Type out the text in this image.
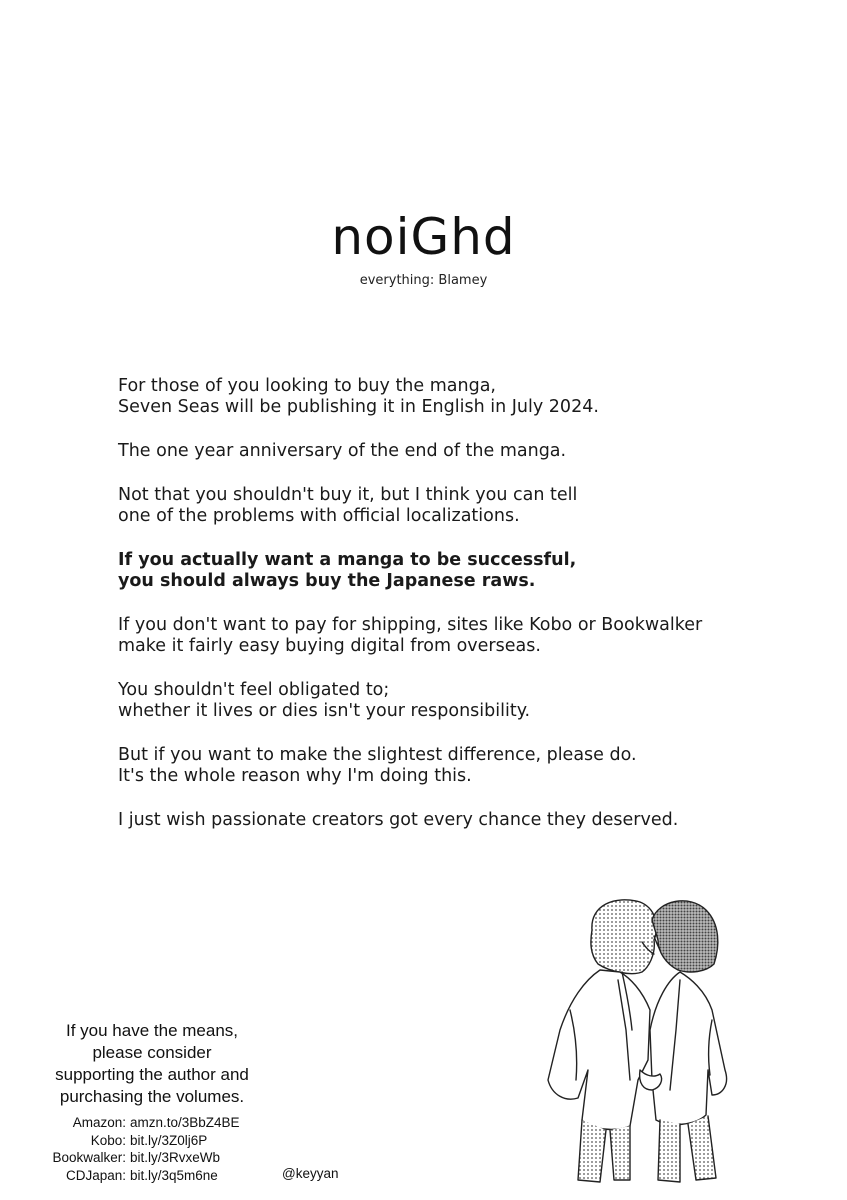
noiGhd
everything: Blamey

For those of you looking to buy the manga,
Seven Seas will be publishing it in English in July 2024.

The one year anniversary of the end of the manga.

Not that you shouldn't buy it, but I think you can tell
one of the problems with official localizations.

If you actually want a manga to be successful,
you should always buy the Japanese raws.

If you don't want to pay for shipping, sites like Kobo or Bookwalker
make it fairly easy buying digital from overseas.

You shouldn't feel obligated to;
whether it lives or dies isn't your responsibility.

But if you want to make the slightest difference, please do.
It's the whole reason why I'm doing this.

I just wish passionate creators got every chance they deserved.

If you have the means,
please consider
supporting the author and
purchasing the volumes.
Amazon: amzn.to/3BbZ4BE
Kobo: bit.ly/3Z0lj6P
Bookwalker: bit.ly/3RvxeWb
CDJapan: bit.ly/3q5m6ne	@keyyan
